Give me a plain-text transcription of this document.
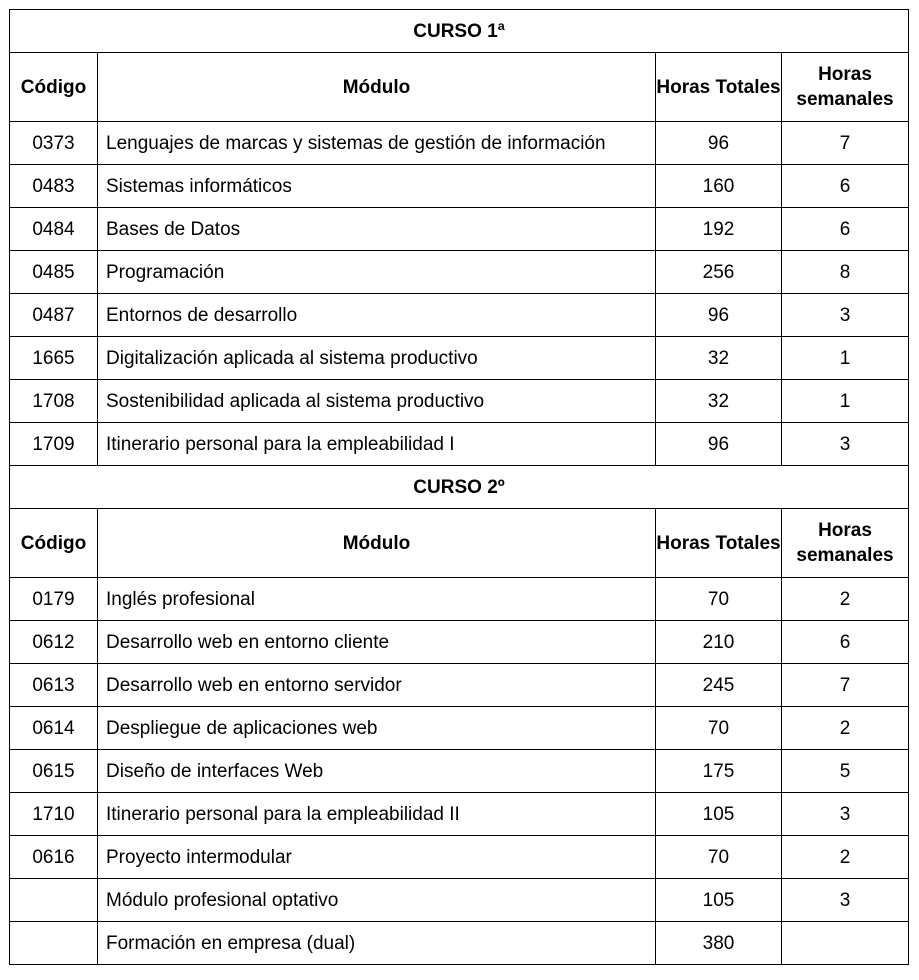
CURSO 1ª			
Código	Módulo	Horas Totales	Horas semanales
0373	Lenguajes de marcas y sistemas de gestión de información	96	7
0483	Sistemas informáticos	160	6
0484	Bases de Datos	192	6
0485	Programación	256	8
0487	Entornos de desarrollo	96	3
1665	Digitalización aplicada al sistema productivo	32	1
1708	Sostenibilidad aplicada al sistema productivo	32	1
1709	Itinerario personal para la empleabilidad I	96	3
CURSO 2º			
Código	Módulo	Horas Totales	Horas semanales
0179	Inglés profesional	70	2
0612	Desarrollo web en entorno cliente	210	6
0613	Desarrollo web en entorno servidor	245	7
0614	Despliegue de aplicaciones web	70	2
0615	Diseño de interfaces Web	175	5
1710	Itinerario personal para la empleabilidad II	105	3
0616	Proyecto intermodular	70	2
	Módulo profesional optativo	105	3
	Formación en empresa (dual)	380	
